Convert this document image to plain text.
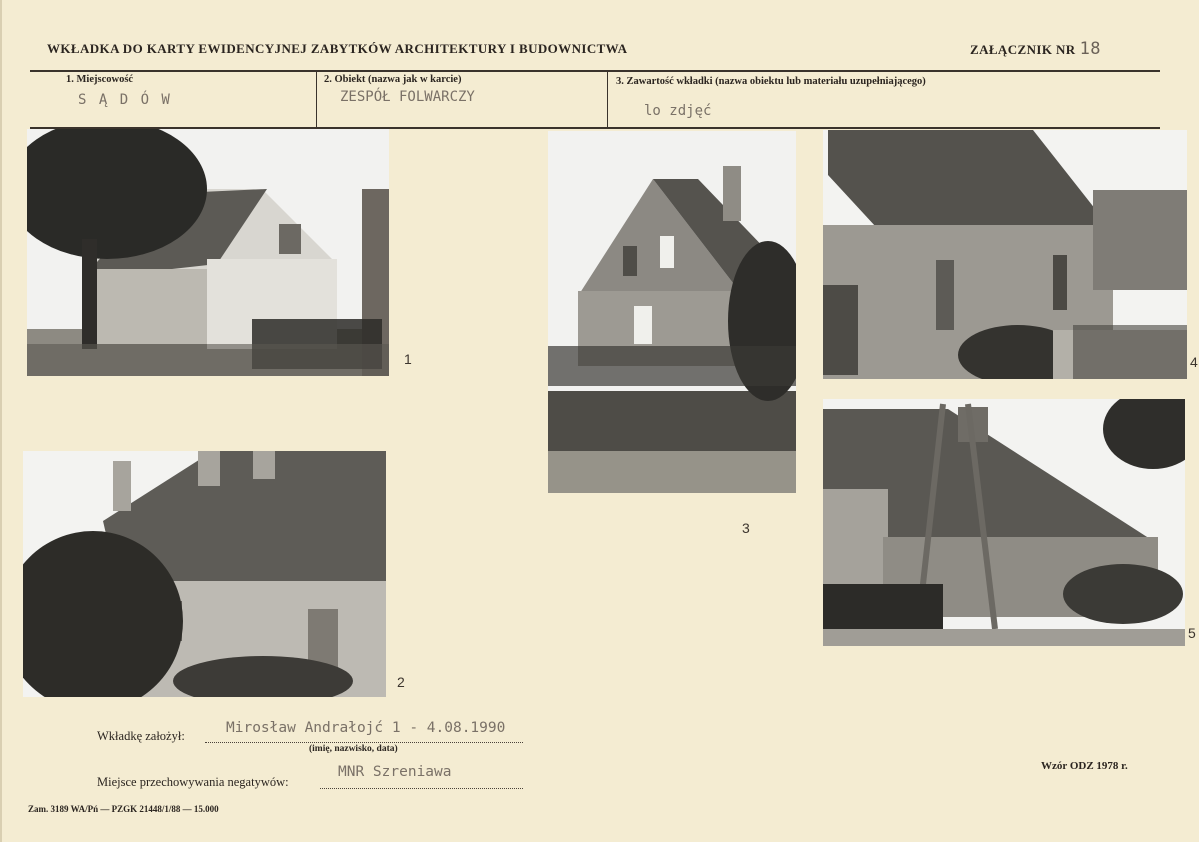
WKŁADKA DO KARTY EWIDENCYJNEJ ZABYTKÓW ARCHITEKTURY I BUDOWNICTWA	ZAŁĄCZNIK NR 18
1. Miejscowość
S Ą D Ó W
2. Obiekt (nazwa jak w karcie)
ZESPÓŁ FOLWARCZY
3. Zawartość wkładki (nazwa obiektu lub materiału uzupełniającego)
lo zdjęć
1
2
3
4
5
Wkładkę założył:	Mirosław Andrałojć 1 - 4.08.1990
(imię, nazwisko, data)
Miejsce przechowywania negatywów:
MNR Szreniawa	Wzór ODZ 1978 r.
Zam. 3189 WA/Pń — PZGK 21448/1/88 — 15.000
